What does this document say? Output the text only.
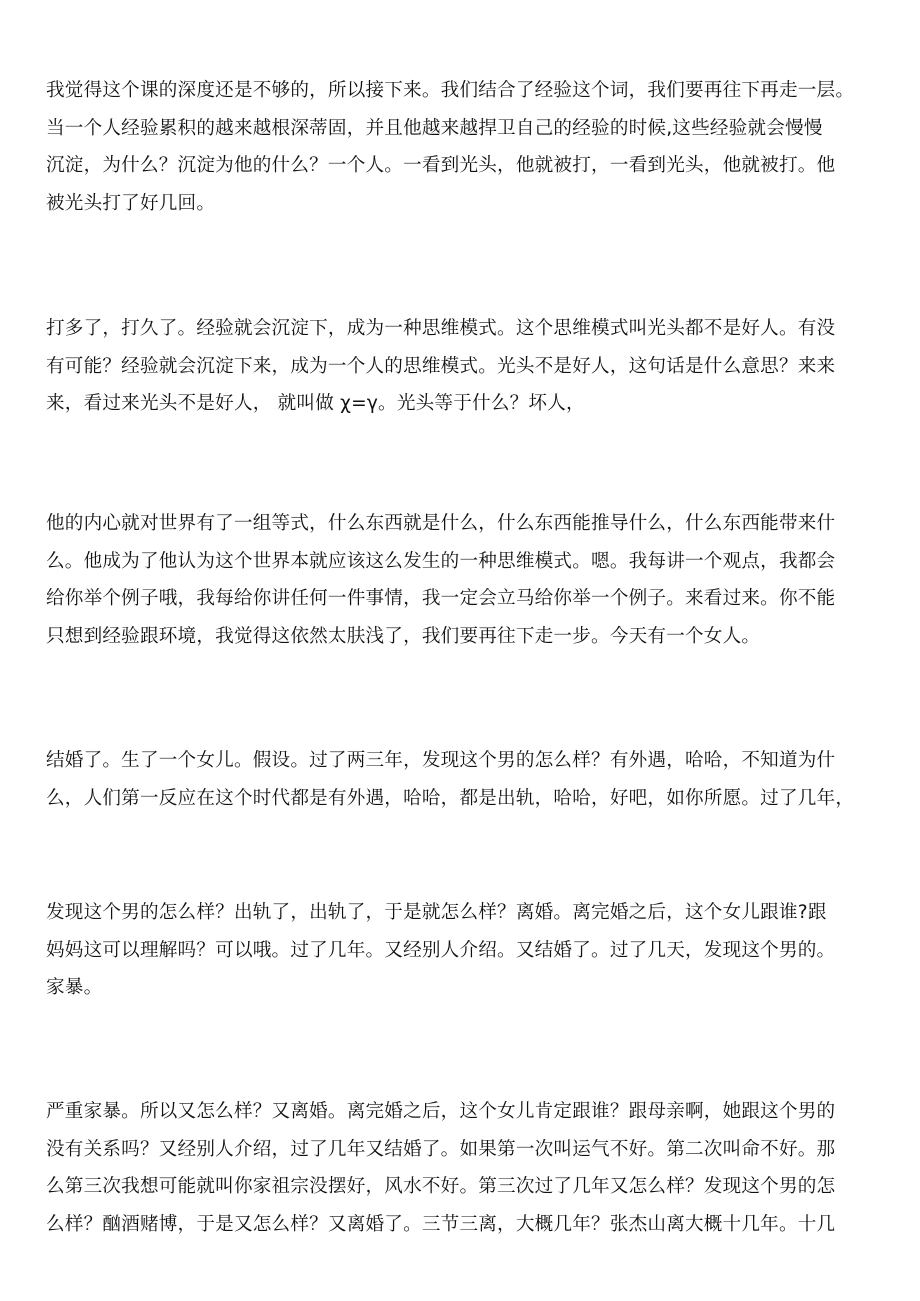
我觉得这个课的深度还是不够的，所以接下来。我们结合了经验这个词，我们要再往下再走一层。
当一个人经验累积的越来越根深蒂固，并且他越来越捍卫自己的经验的时候,这些经验就会慢慢
沉淀，为什么？沉淀为他的什么？一个人。一看到光头，他就被打，一看到光头，他就被打。他
被光头打了好几回。

打多了，打久了。经验就会沉淀下，成为一种思维模式。这个思维模式叫光头都不是好人。有没
有可能？经验就会沉淀下来，成为一个人的思维模式。光头不是好人，这句话是什么意思？来来
来，看过来光头不是好人， 就叫做 χ=γ。光头等于什么？坏人，

他的内心就对世界有了一组等式，什么东西就是什么，什么东西能推导什么，什么东西能带来什
么。他成为了他认为这个世界本就应该这么发生的一种思维模式。嗯。我每讲一个观点，我都会
给你举个例子哦，我每给你讲任何一件事情，我一定会立马给你举一个例子。来看过来。你不能
只想到经验跟环境，我觉得这依然太肤浅了，我们要再往下走一步。今天有一个女人。

结婚了。生了一个女儿。假设。过了两三年，发现这个男的怎么样？有外遇，哈哈，不知道为什
么，人们第一反应在这个时代都是有外遇，哈哈，都是出轨，哈哈，好吧，如你所愿。过了几年，

发现这个男的怎么样？出轨了，出轨了，于是就怎么样？离婚。离完婚之后，这个女儿跟谁?跟
妈妈这可以理解吗？可以哦。过了几年。又经别人介绍。又结婚了。过了几天，发现这个男的。
家暴。

严重家暴。所以又怎么样？又离婚。离完婚之后，这个女儿肯定跟谁？跟母亲啊，她跟这个男的
没有关系吗？又经别人介绍，过了几年又结婚了。如果第一次叫运气不好。第二次叫命不好。那
么第三次我想可能就叫你家祖宗没摆好，风水不好。第三次过了几年又怎么样？发现这个男的怎
么样？酗酒赌博，于是又怎么样？又离婚了。三节三离，大概几年？张杰山离大概十几年。十几
